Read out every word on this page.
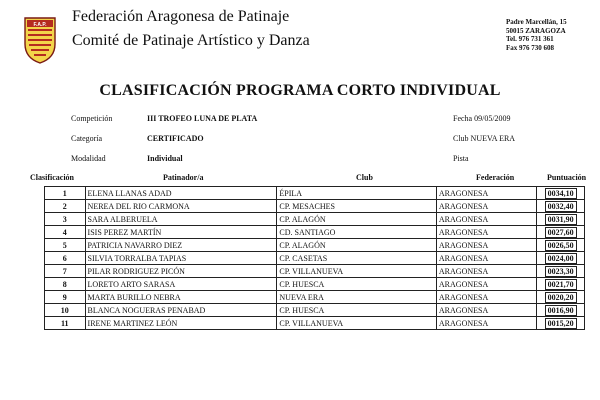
F.A.P. Federación Aragonesa de Patinaje
Comité de Patinaje Artístico y Danza
Padre Marcellán, 15
50015 ZARAGOZA
Tel. 976 731 361
Fax 976 730 608
CLASIFICACIÓN PROGRAMA CORTO INDIVIDUAL
Competición	III TROFEO LUNA DE PLATA	Fecha 09/05/2009
Categoría	CERTIFICADO	Club NUEVA ERA
Modalidad	Individual	Pista
Clasificación	Patinador/a	Club	Federación	Puntuación
1	ELENA LLANAS ADAD	ÉPILA	ARAGONESA	0034,10
2	NEREA DEL RIO CARMONA	CP. MESACHES	ARAGONESA	0032,40
3	SARA ALBERUELA	CP. ALAGÓN	ARAGONESA	0031,90
4	ISIS PEREZ MARTÍN	CD. SANTIAGO	ARAGONESA	0027,60
5	PATRICIA NAVARRO DIEZ	CP. ALAGÓN	ARAGONESA	0026,50
6	SILVIA TORRALBA TAPIAS	CP. CASETAS	ARAGONESA	0024,00
7	PILAR RODRIGUEZ PICÓN	CP. VILLANUEVA	ARAGONESA	0023,30
8	LORETO ARTO SARASA	CP. HUESCA	ARAGONESA	0021,70
9	MARTA BURILLO NEBRA	NUEVA ERA	ARAGONESA	0020,20
10	BLANCA NOGUERAS PENABAD	CP. HUESCA	ARAGONESA	0016,90
11	IRENE MARTINEZ LEÓN	CP. VILLANUEVA	ARAGONESA	0015,20
